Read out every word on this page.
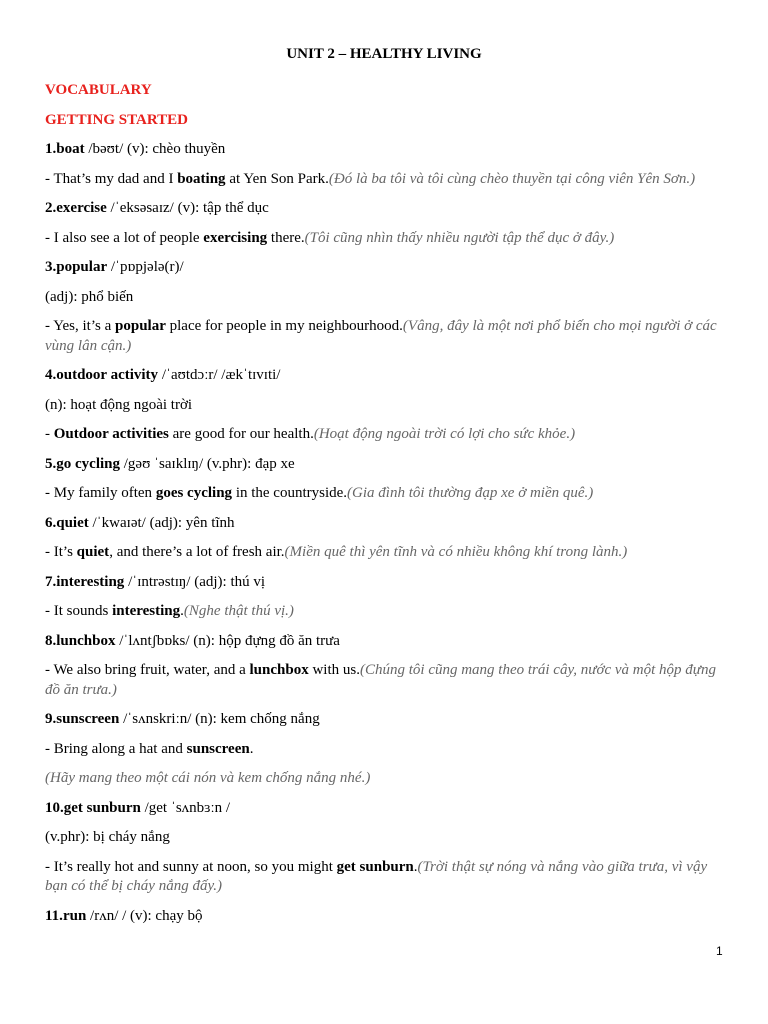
UNIT 2 – HEALTHY LIVING

VOCABULARY

GETTING STARTED

1.boat /bəʊt/ (v): chèo thuyền

- That’s my dad and I boating at Yen Son Park.(Đó là ba tôi và tôi cùng chèo thuyền tại công viên Yên Sơn.)

2.exercise /ˈeksəsaɪz/ (v): tập thể dục

- I also see a lot of people exercising there.(Tôi cũng nhìn thấy nhiều người tập thể dục ở đây.)

3.popular /ˈpɒpjələ(r)/

(adj): phổ biến

- Yes, it’s a popular place for people in my neighbourhood.(Vâng, đây là một nơi phổ biến cho mọi người ở các vùng lân cận.)

4.outdoor activity /ˈaʊtdɔːr/ /ækˈtɪvɪti/

(n): hoạt động ngoài trời

- Outdoor activities are good for our health.(Hoạt động ngoài trời có lợi cho sức khỏe.)

5.go cycling /gəʊ ˈsaɪklɪŋ/ (v.phr): đạp xe

- My family often goes cycling in the countryside.(Gia đình tôi thường đạp xe ở miền quê.)

6.quiet /ˈkwaɪət/ (adj): yên tĩnh

- It’s quiet, and there’s a lot of fresh air.(Miền quê thì yên tĩnh và có nhiều không khí trong lành.)

7.interesting /ˈɪntrəstɪŋ/ (adj): thú vị

- It sounds interesting.(Nghe thật thú vị.)

8.lunchbox /ˈlʌntʃbɒks/ (n): hộp đựng đồ ăn trưa

- We also bring fruit, water, and a lunchbox with us.(Chúng tôi cũng mang theo trái cây, nước và một hộp đựng đồ ăn trưa.)

9.sunscreen /ˈsʌnskriːn/ (n): kem chống nắng

- Bring along a hat and sunscreen.

(Hãy mang theo một cái nón và kem chống nắng nhé.)

10.get sunburn /get ˈsʌnbɜːn /

(v.phr): bị cháy nắng

- It’s really hot and sunny at noon, so you might get sunburn.(Trời thật sự nóng và nắng vào giữa trưa, vì vậy bạn có thể bị cháy nắng đấy.)

11.run /rʌn/ / (v): chạy bộ

1
